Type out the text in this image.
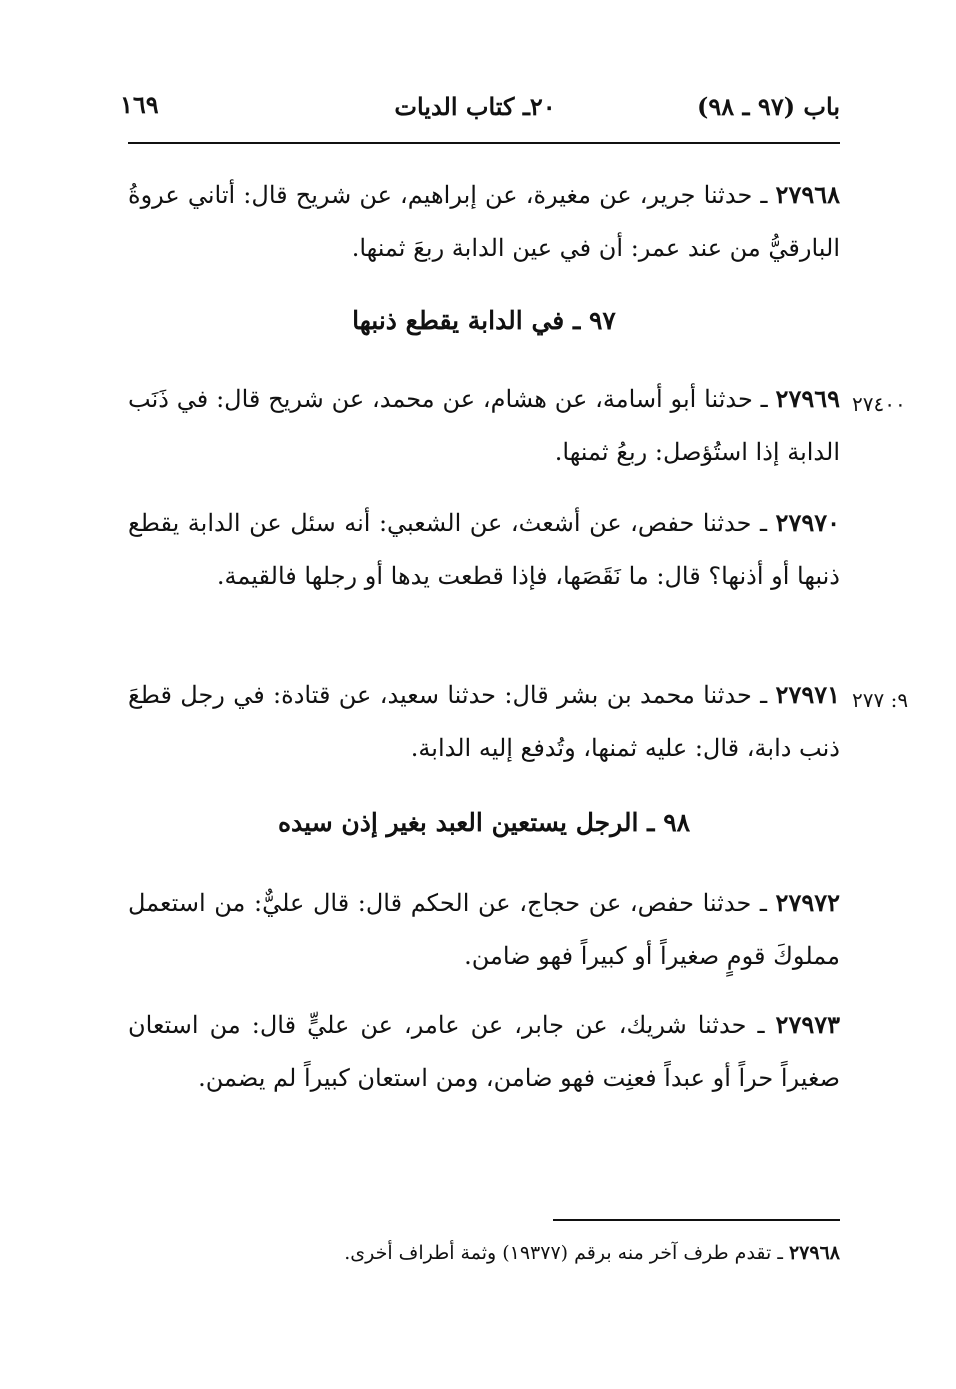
باب (٩٧ ـ ٩٨)
٢٠ـ كتاب الديات
١٦٩
٢٧٩٦٨ ـ حدثنا جرير، عن مغيرة، عن إبراهيم، عن شريح قال: أتاني عروةُ البارقيُّ من عند عمر: أن في عين الدابة ربعَ ثمنها.
٩٧ ـ في الدابة يقطع ذنبها
٢٧٤٠٠
٢٧٩٦٩ ـ حدثنا أبو أسامة، عن هشام، عن محمد، عن شريح قال: في ذَنَب الدابة إذا استُؤصل: ربعُ ثمنها.
٢٧٩٧٠ ـ حدثنا حفص، عن أشعث، عن الشعبي: أنه سئل عن الدابة يقطع ذنبها أو أذنها؟ قال: ما نَقَصَها، فإذا قطعت يدها أو رجلها فالقيمة.
٩: ٢٧٧
٢٧٩٧١ ـ حدثنا محمد بن بشر قال: حدثنا سعيد، عن قتادة: في رجل قطعَ ذنب دابة، قال: عليه ثمنها، وتُدفع إليه الدابة.
٩٨ ـ الرجل يستعين العبد بغير إذن سيده
٢٧٩٧٢ ـ حدثنا حفص، عن حجاج، عن الحكم قال: قال عليٌّ: من استعمل مملوكَ قومٍ صغيراً أو كبيراً فهو ضامن.
٢٧٩٧٣ ـ حدثنا شريك، عن جابر، عن عامر، عن عليٍّ قال: من استعان صغيراً حراً أو عبداً فعنِت فهو ضامن، ومن استعان كبيراً لم يضمن.
٢٧٩٦٨ ـ تقدم طرف آخر منه برقم (١٩٣٧٧) وثمة أطراف أخرى.
